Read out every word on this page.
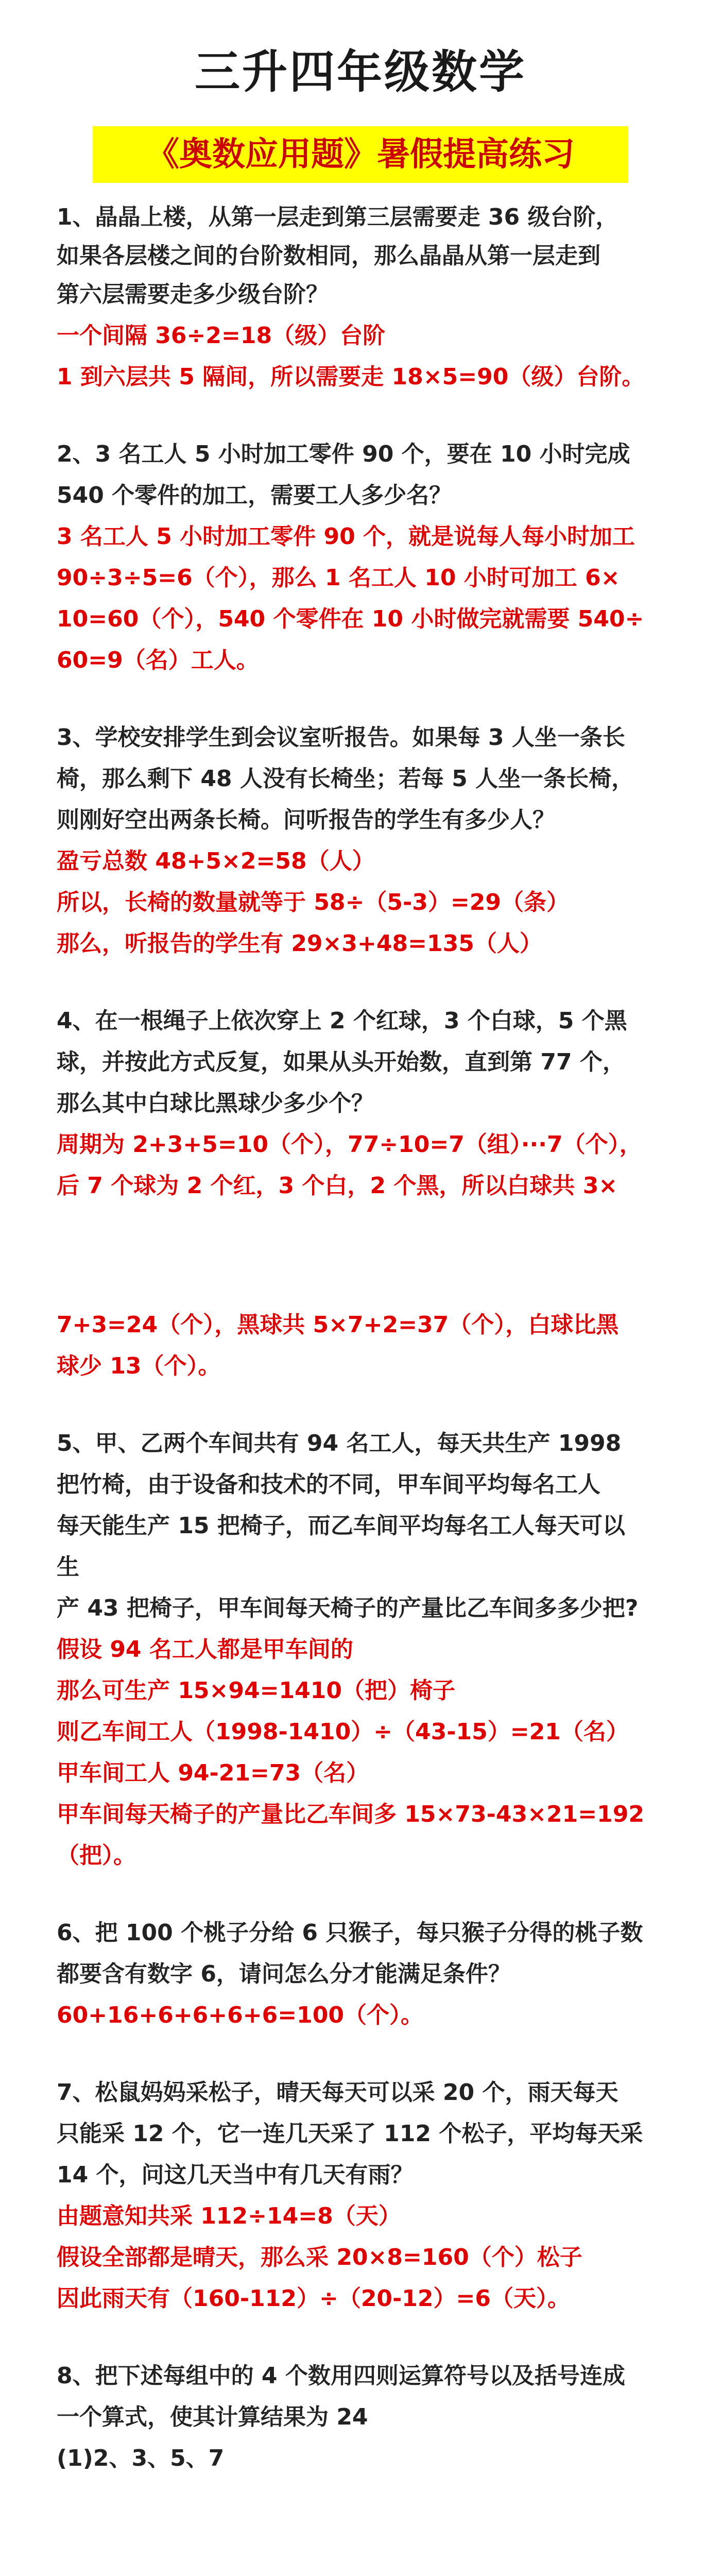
三升四年级数学
《奥数应用题》暑假提高练习
1、晶晶上楼，从第一层走到第三层需要走 36 级台阶，
如果各层楼之间的台阶数相同，那么晶晶从第一层走到
第六层需要走多少级台阶？
一个间隔 36÷2=18（级）台阶
1 到六层共 5 隔间，所以需要走 18×5=90（级）台阶。
2、3 名工人 5 小时加工零件 90 个，要在 10 小时完成
540 个零件的加工，需要工人多少名？
3 名工人 5 小时加工零件 90 个，就是说每人每小时加工
90÷3÷5=6（个），那么 1 名工人 10 小时可加工 6×
10=60（个），540 个零件在 10 小时做完就需要 540÷
60=9（名）工人。
3、学校安排学生到会议室听报告。如果每 3 人坐一条长
椅，那么剩下 48 人没有长椅坐；若每 5 人坐一条长椅，
则刚好空出两条长椅。问听报告的学生有多少人？
盈亏总数 48+5×2=58（人）
所以，长椅的数量就等于 58÷（5-3）=29（条）
那么，听报告的学生有 29×3+48=135（人）
4、在一根绳子上依次穿上 2 个红球，3 个白球，5 个黑
球，并按此方式反复，如果从头开始数，直到第 77 个，
那么其中白球比黑球少多少个？
周期为 2+3+5=10（个），77÷10=7（组）···7（个），
后 7 个球为 2 个红，3 个白，2 个黑，所以白球共 3×
7+3=24（个），黑球共 5×7+2=37（个），白球比黑
球少 13（个）。
5、甲、乙两个车间共有 94 名工人，每天共生产 1998
把竹椅，由于设备和技术的不同，甲车间平均每名工人
每天能生产 15 把椅子，而乙车间平均每名工人每天可以
生
产 43 把椅子，甲车间每天椅子的产量比乙车间多多少把?
假设 94 名工人都是甲车间的
那么可生产 15×94=1410（把）椅子
则乙车间工人（1998-1410）÷（43-15）=21（名）
甲车间工人 94-21=73（名）
甲车间每天椅子的产量比乙车间多 15×73-43×21=192
（把）。
6、把 100 个桃子分给 6 只猴子，每只猴子分得的桃子数
都要含有数字 6，请问怎么分才能满足条件？
60+16+6+6+6+6=100（个）。
7、松鼠妈妈采松子，晴天每天可以采 20 个，雨天每天
只能采 12 个，它一连几天采了 112 个松子，平均每天采
14 个，问这几天当中有几天有雨？
由题意知共采 112÷14=8（天）
假设全部都是晴天，那么采 20×8=160（个）松子
因此雨天有（160-112）÷（20-12）=6（天）。
8、把下述每组中的 4 个数用四则运算符号以及括号连成
一个算式，使其计算结果为 24
(1)2、3、5、7
